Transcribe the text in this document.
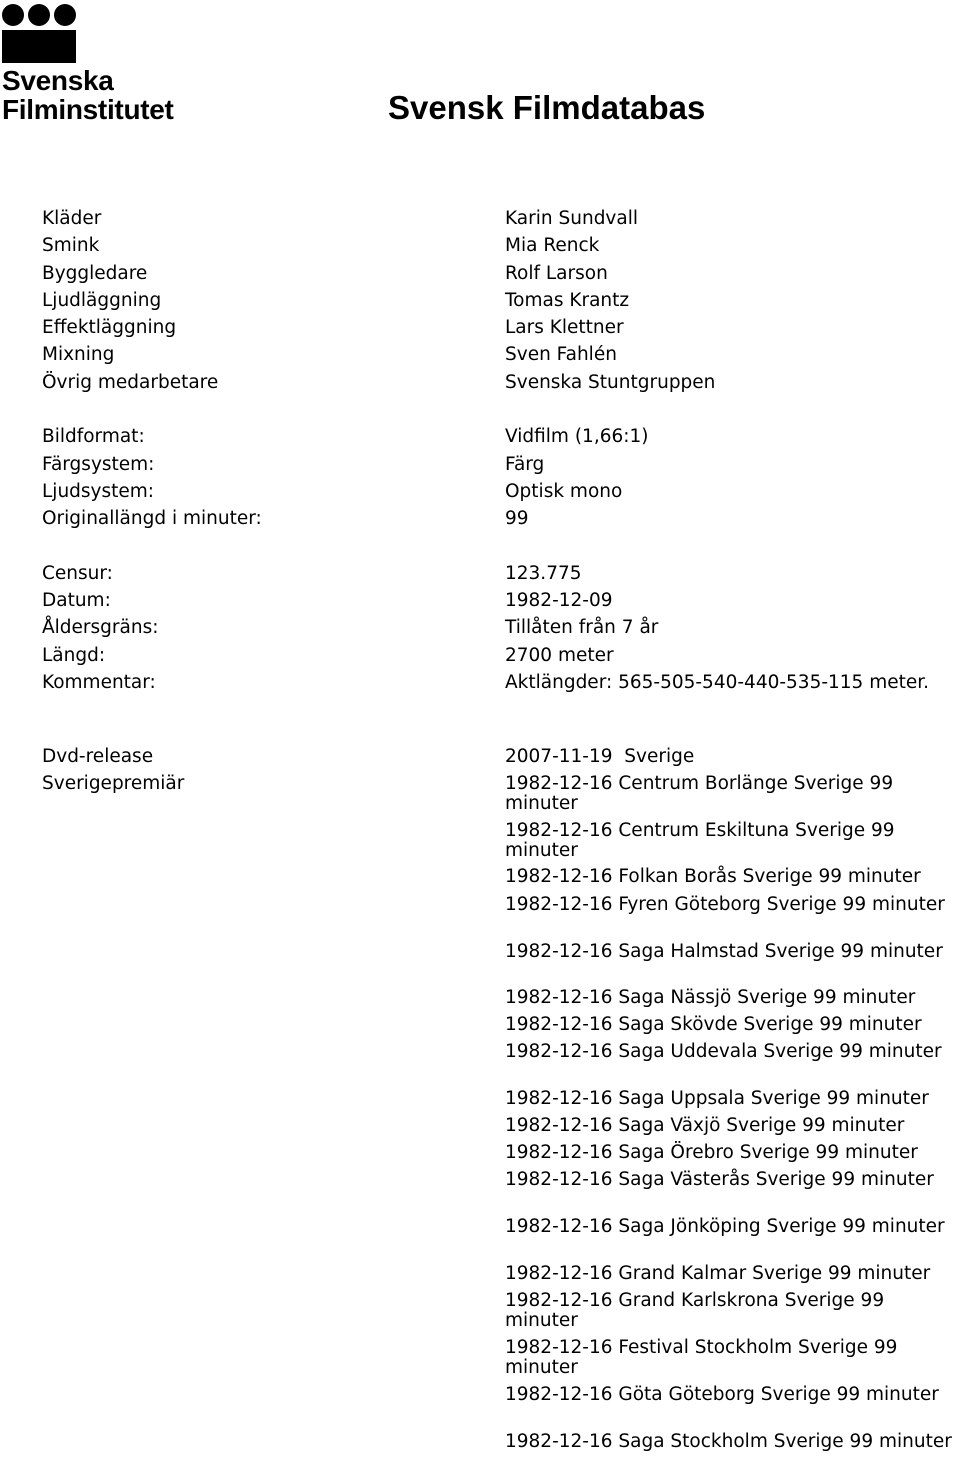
Svenska
Filminstitutet	Svensk Filmdatabas
Kläder	Karin Sundvall
Smink	Mia Renck
Byggledare	Rolf Larson
Ljudläggning	Tomas Krantz
Effektläggning	Lars Klettner
Mixning	Sven Fahlén
Övrig medarbetare	Svenska Stuntgruppen
Bildformat:	Vidfilm (1,66:1)
Färgsystem:	Färg
Ljudsystem:	Optisk mono
Originallängd i minuter:	99
Censur:	123.775
Datum:	1982-12-09
Åldersgräns:	Tillåten från 7 år
Längd:	2700 meter
Kommentar:	Aktlängder: 565-505-540-440-535-115 meter.
Dvd-release	2007-11-19  Sverige
Sverigepremiär	1982-12-16 Centrum Borlänge Sverige 99 minuter
1982-12-16 Centrum Eskiltuna Sverige 99 minuter
1982-12-16 Folkan Borås Sverige 99 minuter
1982-12-16 Fyren Göteborg Sverige 99 minuter
1982-12-16 Saga Halmstad Sverige 99 minuter
1982-12-16 Saga Nässjö Sverige 99 minuter
1982-12-16 Saga Skövde Sverige 99 minuter
1982-12-16 Saga Uddevala Sverige 99 minuter
1982-12-16 Saga Uppsala Sverige 99 minuter
1982-12-16 Saga Växjö Sverige 99 minuter
1982-12-16 Saga Örebro Sverige 99 minuter
1982-12-16 Saga Västerås Sverige 99 minuter
1982-12-16 Saga Jönköping Sverige 99 minuter
1982-12-16 Grand Kalmar Sverige 99 minuter
1982-12-16 Grand Karlskrona Sverige 99 minuter
1982-12-16 Festival Stockholm Sverige 99 minuter
1982-12-16 Göta Göteborg Sverige 99 minuter
1982-12-16 Saga Stockholm Sverige 99 minuter
